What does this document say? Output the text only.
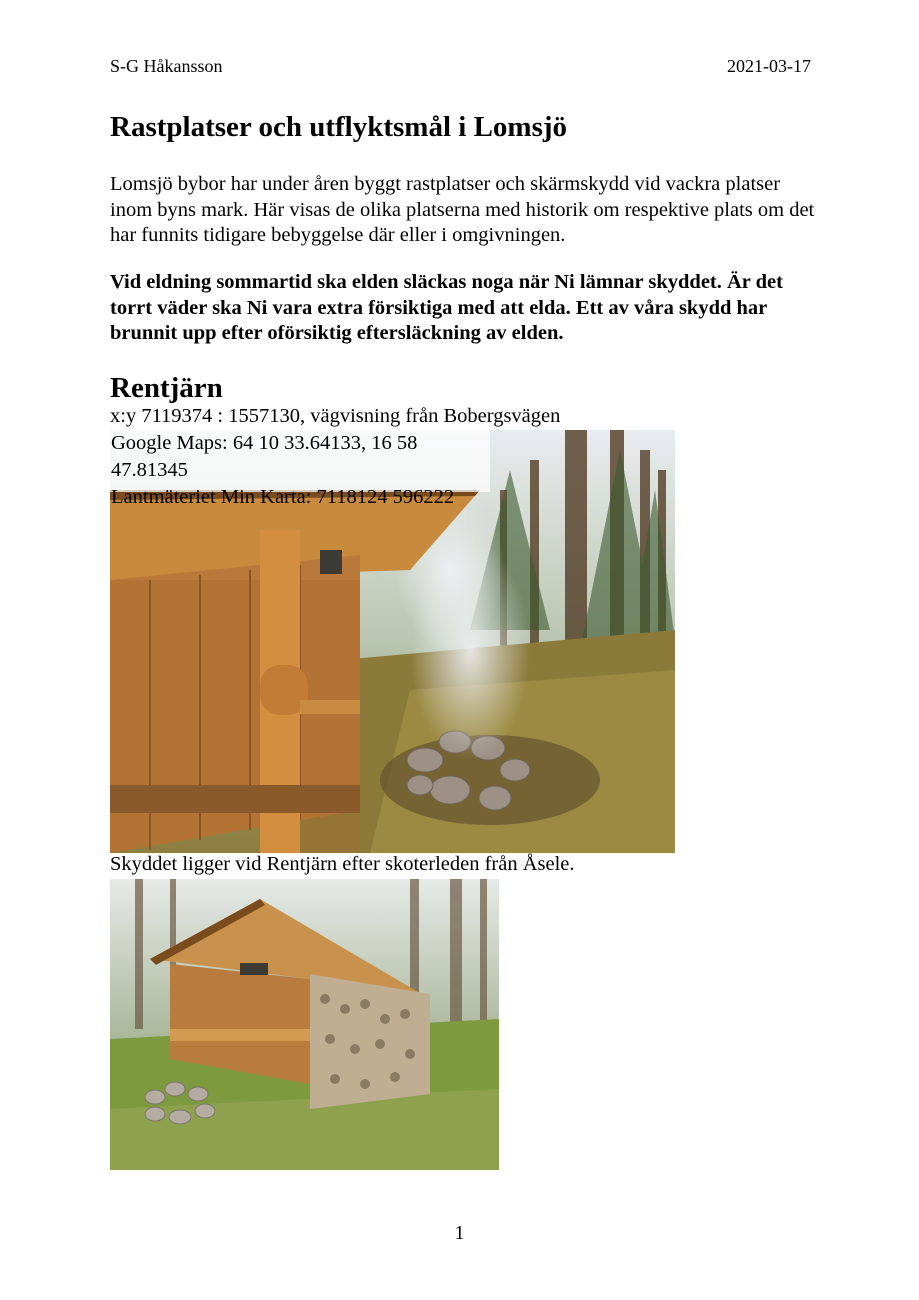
S-G Håkansson	2021-03-17
Rastplatser och utflyktsmål i Lomsjö
Lomsjö bybor har under åren byggt rastplatser och skärmskydd vid vackra platser inom byns mark. Här visas de olika platserna med historik om respektive plats om det har funnits tidigare bebyggelse där eller i omgivningen.
Vid eldning sommartid ska elden släckas noga när Ni lämnar skyddet. Är det torrt väder ska Ni vara extra försiktiga med att elda. Ett av våra skydd har brunnit upp efter oförsiktig eftersläckning av elden.
Rentjärn
x:y 7119374 : 1557130, vägvisning från Bobergsvägen
Google Maps: 64 10 33.64133, 16 58 47.81345
Lantmäteriet Min Karta: 7118124 596222
Skyddet ligger vid Rentjärn efter skoterleden från Åsele.
1
